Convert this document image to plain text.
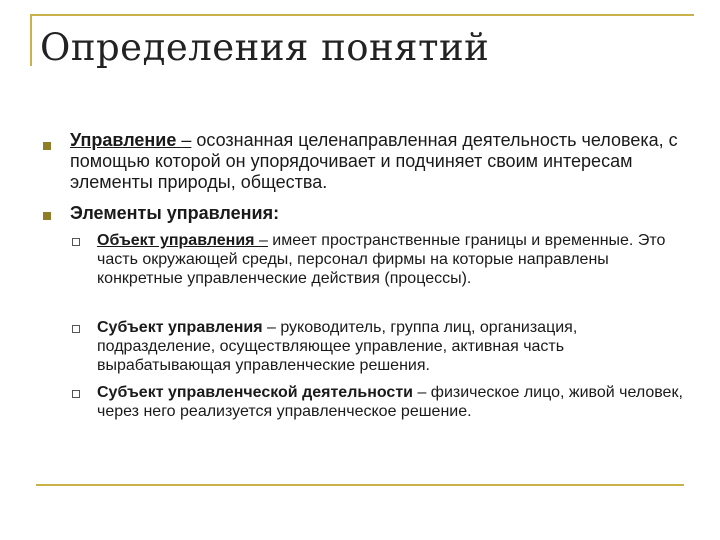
Определения понятий
Управление – осознанная целенаправленная деятельность человека, с помощью которой он упорядочивает и подчиняет своим интересам элементы природы, общества.
Элементы управления:
Объект управления – имеет пространственные границы и временные. Это часть окружающей среды, персонал фирмы на которые направлены конкретные управленческие действия (процессы).
Субъект управления – руководитель, группа лиц, организация, подразделение, осуществляющее управление, активная часть вырабатывающая управленческие решения.
Субъект управленческой деятельности – физическое лицо, живой человек, через него реализуется управленческое решение.
